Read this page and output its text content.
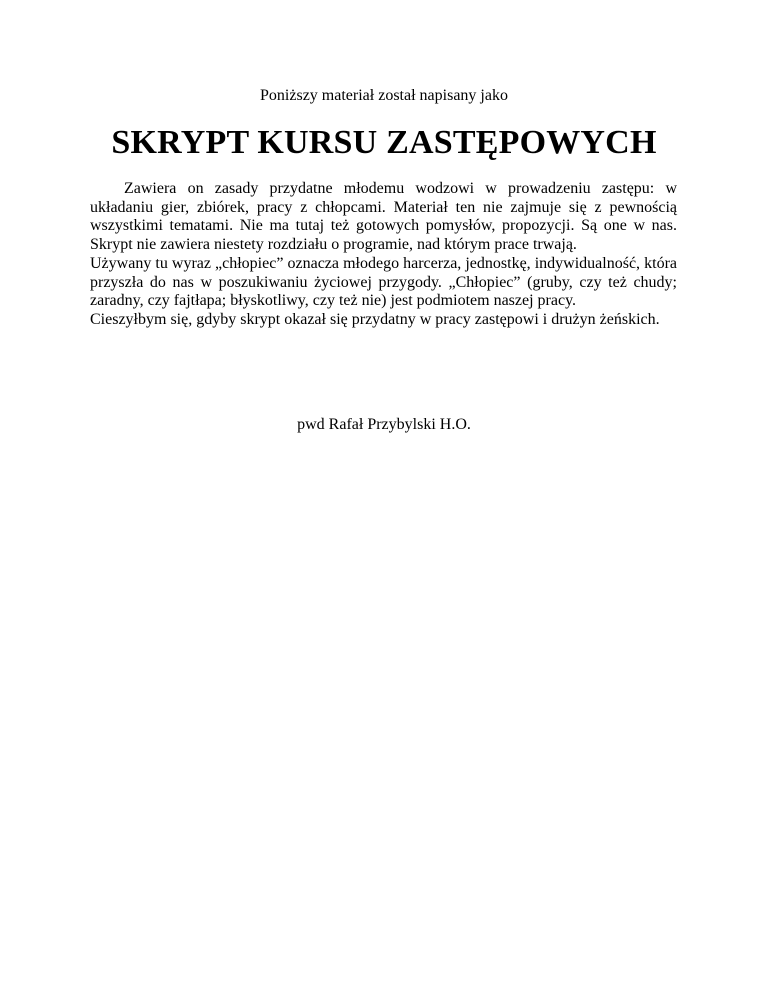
Poniższy materiał został napisany jako
SKRYPT KURSU ZASTĘPOWYCH

Zawiera on zasady przydatne młodemu wodzowi w prowadzeniu zastępu: w układaniu gier, zbiórek, pracy z chłopcami. Materiał ten nie zajmuje się z pewnością wszystkimi tematami. Nie ma tutaj też gotowych pomysłów, propozycji. Są one w nas. Skrypt nie zawiera niestety rozdziału o programie, nad którym prace trwają.

Używany tu wyraz „chłopiec” oznacza młodego harcerza, jednostkę, indywidualność, która przyszła do nas w poszukiwaniu życiowej przygody. „Chłopiec” (gruby, czy też chudy; zaradny, czy fajtłapa; błyskotliwy, czy też nie) jest podmiotem naszej pracy.

Cieszyłbym się, gdyby skrypt okazał się przydatny w pracy zastępowi i drużyn żeńskich.

pwd Rafał Przybylski H.O.
